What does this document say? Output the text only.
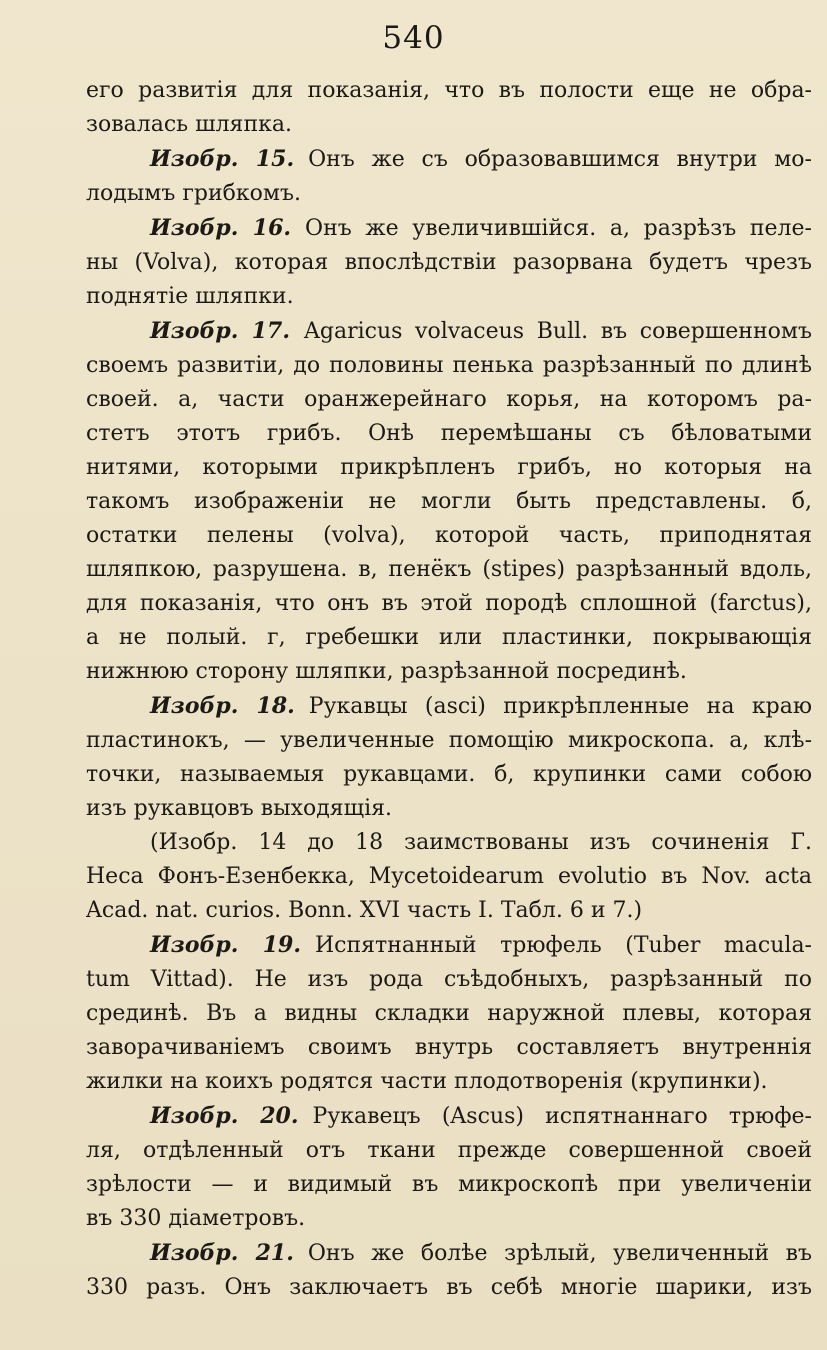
540
его развитія для показанія, что въ полости еще не обра-
зовалась шляпка.
Изобр. 15. Онъ же съ образовавшимся внутри мо-
лодымъ грибкомъ.
Изобр. 16. Онъ же увеличившійся. а, разрѣзъ пеле-
ны (Volva), которая впослѣдствіи разорвана будетъ чрезъ
поднятіе шляпки.
Изобр. 17. Agaricus volvaceus Bull. въ совершенномъ
своемъ развитіи, до половины пенька разрѣзанный по длинѣ
своей. а, части оранжерейнаго корья, на которомъ ра-
стетъ этотъ грибъ. Онѣ перемѣшаны съ бѣловатыми
нитями, которыми прикрѣпленъ грибъ, но которыя на
такомъ изображеніи не могли быть представлены. б,
остатки пелены (volva), которой часть, приподнятая
шляпкою, разрушена. в, пенёкъ (stipes) разрѣзанный вдоль,
для показанія, что онъ въ этой породѣ сплошной (farctus),
а не полый. г, гребешки или пластинки, покрывающія
нижнюю сторону шляпки, разрѣзанной посрединѣ.
Изобр. 18. Рукавцы (asci) прикрѣпленные на краю
пластинокъ, — увеличенные помощію микроскопа. а, клѣ-
точки, называемыя рукавцами. б, крупинки сами собою
изъ рукавцовъ выходящія.
(Изобр. 14 до 18 заимствованы изъ сочиненія Г.
Неса Фонъ-Езенбекка, Mycetoidearum evolutio въ Nov. acta
Acad. nat. curios. Bonn. XVI часть I. Табл. 6 и 7.)
Изобр. 19. Испятнанный трюфель (Tuber macula-
tum Vittad). Не изъ рода съѣдобныхъ, разрѣзанный по
срединѣ. Въ а видны складки наружной плевы, которая
заворачиваніемъ своимъ внутрь составляетъ внутреннія
жилки на коихъ родятся части плодотворенія (крупинки).
Изобр. 20. Рукавецъ (Ascus) испятнаннаго трюфе-
ля, отдѣленный отъ ткани прежде совершенной своей
зрѣлости — и видимый въ микроскопѣ при увеличеніи
въ 330 діаметровъ.
Изобр. 21. Онъ же болѣе зрѣлый, увеличенный въ
330 разъ. Онъ заключаетъ въ себѣ многіе шарики, изъ
